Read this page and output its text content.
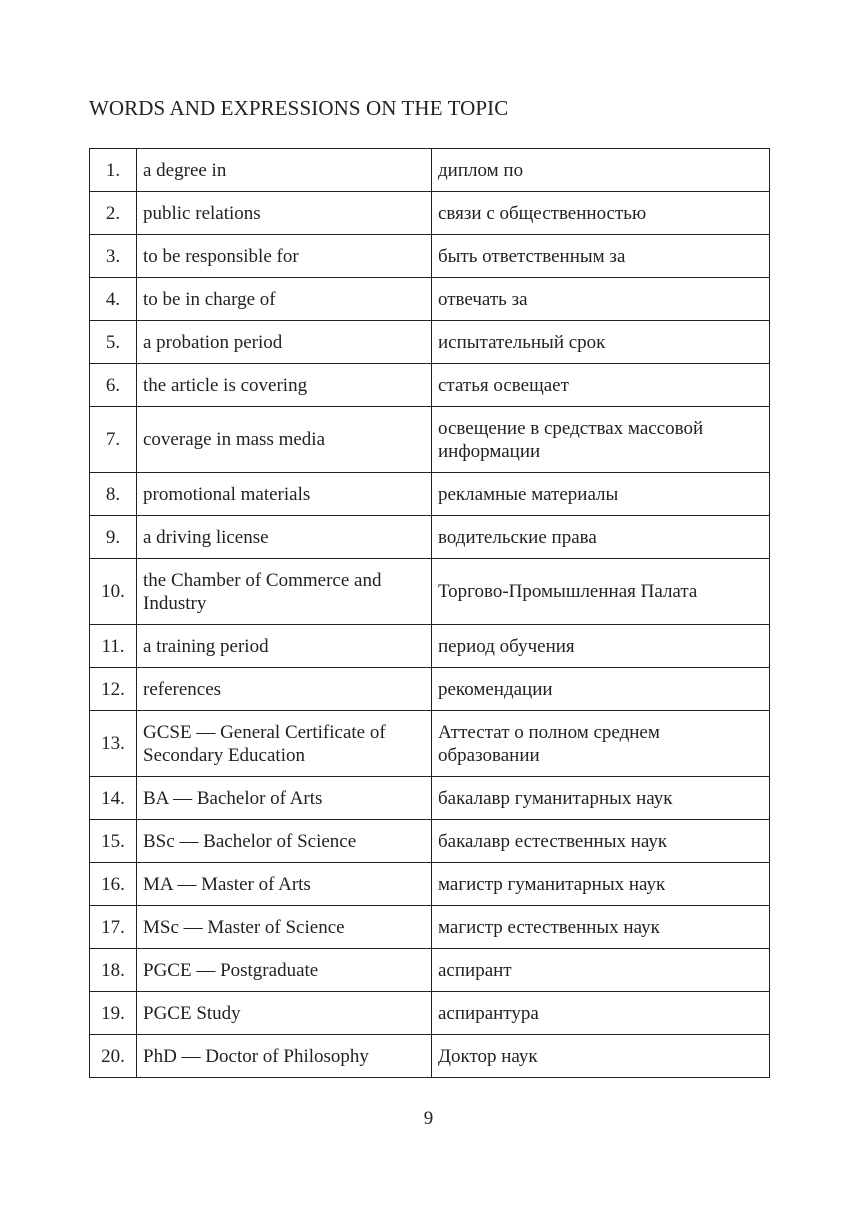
WORDS AND EXPRESSIONS ON THE TOPIC
1.	a degree in	диплом по
2.	public relations	связи с общественностью
3.	to be responsible for	быть ответственным за
4.	to be in charge of	отвечать за
5.	a probation period	испытательный срок
6.	the article is covering	статья освещает
7.	coverage in mass media	освещение в средствах массовой информации
8.	promotional materials	рекламные материалы
9.	a driving license	водительские права
10.	the Chamber of Commerce and Industry	Торгово-Промышленная Палата
11.	a training period	период обучения
12.	references	рекомендации
13.	GCSE — General Certificate of Secondary Education	Аттестат о полном среднем образовании
14.	BA — Bachelor of Arts	бакалавр гуманитарных наук
15.	BSc — Bachelor of Science	бакалавр естественных наук
16.	MA — Master of Arts	магистр гуманитарных наук
17.	MSc — Master of Science	магистр естественных наук
18.	PGCE — Postgraduate	аспирант
19.	PGCE Study	аспирантура
20.	PhD — Doctor of Philosophy	Доктор наук
9
